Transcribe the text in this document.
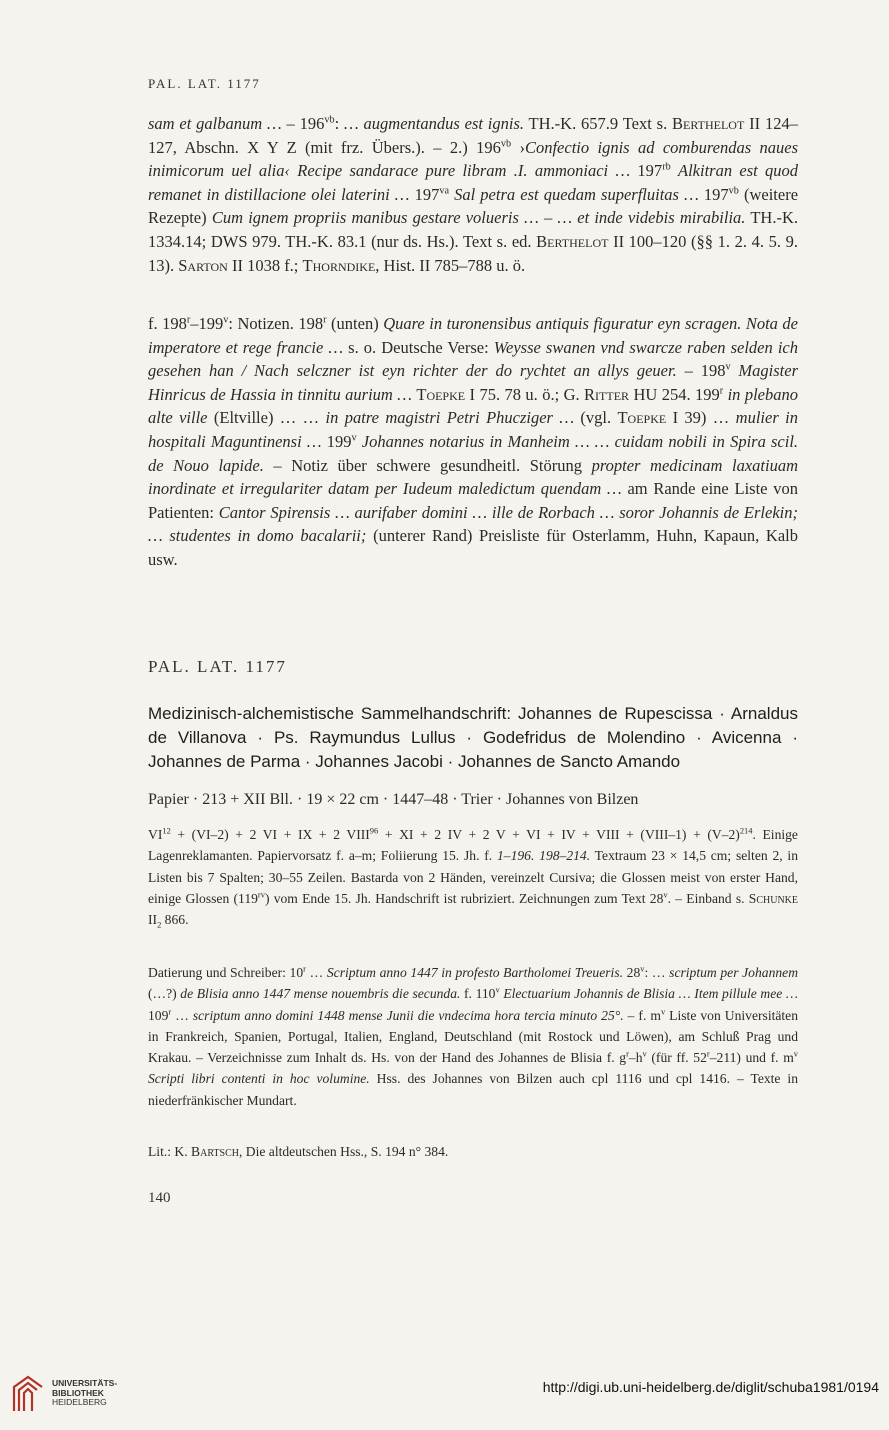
PAL. LAT. 1177
sam et galbanum … – $196^{vb}$: … augmentandus est ignis. TH.-K. 657.9 Text s. Berthelot II 124–127, Abschn. X Y Z (mit frz. Übers.). – 2.) $196^{vb}$ ›Confectio ignis ad comburendas naues inimicorum uel alia‹ Recipe sandarace pure libram .I. ammoniaci … $197^{rb}$ Alkitran est quod remanet in distillacione olei laterini … $197^{va}$ Sal petra est quedam superfluitas … $197^{vb}$ (weitere Rezepte) Cum ignem propriis manibus gestare volueris … – … et inde videbis mirabilia. TH.-K. 1334.14; DWS 979. TH.-K. 83.1 (nur ds. Hs.). Text s. ed. Berthelot II 100–120 (§§ 1. 2. 4. 5. 9. 13). Sarton II 1038 f.; Thorndike, Hist. II 785–788 u. ö.
f. 198$^r$–199$^v$: Notizen. 198$^r$ (unten) Quare in turonensibus antiquis figuratur eyn scragen. Nota de imperatore et rege francie … s. o. Deutsche Verse: Weysse swanen vnd swarcze raben selden ich gesehen han / Nach selczner ist eyn richter der do rychtet an allys geuer. – 198$^v$ Magister Hinricus de Hassia in tinnitu aurium … Toepke I 75. 78 u. ö.; G. Ritter HU 254. 199$^r$ in plebano alte ville (Eltville) … … in patre magistri Petri Phucziger … (vgl. Toepke I 39) … mulier in hospitali Maguntinensi … 199$^v$ Johannes notarius in Manheim … … cuidam nobili in Spira scil. de Nouo lapide. – Notiz über schwere gesundheitl. Störung propter medicinam laxatiuam inordinate et irregulariter datam per Iudeum maledictum quendam … am Rande eine Liste von Patienten: Cantor Spirensis … aurifaber domini … ille de Rorbach … soror Johannis de Erlekin; … studentes in domo bacalarii; (unterer Rand) Preisliste für Osterlamm, Huhn, Kapaun, Kalb usw.
PAL. LAT. 1177
Medizinisch-alchemistische Sammelhandschrift: Johannes de Rupescissa · Arnaldus de Villanova · Ps. Raymundus Lullus · Godefridus de Molendino · Avicenna · Johannes de Parma · Johannes Jacobi · Johannes de Sancto Amando
Papier · 213 + XII Bll. · 19 × 22 cm · 1447–48 · Trier · Johannes von Bilzen
$VI^{12} + (VI-2) + 2$ VI + IX + 2 $VIII^{96}$ + XI + 2 IV + 2 V + VI + IV + VIII + (VIII–1) + $(V-2)^{214}$. Einige Lagenreklamanten. Papiervorsatz f. a–m; Foliierung 15. Jh. f. 1–196. 198–214. Textraum 23 × 14,5 cm; selten 2, in Listen bis 7 Spalten; 30–55 Zeilen. Bastarda von 2 Händen, vereinzelt Cursiva; die Glossen meist von erster Hand, einige Glossen $(119^{rv})$ vom Ende 15. Jh. Handschrift ist rubriziert. Zeichnungen zum Text 28$^v$. – Einband s. Schunke $II_2$ 866.
Datierung und Schreiber: 10$^r$ … Scriptum anno 1447 in profesto Bartholomei Treueris. 28$^v$: … scriptum per Johannem (…?) de Blisia anno 1447 mense nouembris die secunda. f. 110$^v$ Electuarium Johannis de Blisia … Item pillule mee … 109$^r$ … scriptum anno domini 1448 mense Junii die vndecima hora tercia minuto 25°. – f. $m^v$ Liste von Universitäten in Frankreich, Spanien, Portugal, Italien, England, Deutschland (mit Rostock und Löwen), am Schluß Prag und Krakau. – Verzeichnisse zum Inhalt ds. Hs. von der Hand des Johannes de Blisia f. $g^r-h^v$ (für ff. 52$^r$–211) und f. $m^v$ Scripti libri contenti in hoc volumine. Hss. des Johannes von Bilzen auch cpl 1116 und cpl 1416. – Texte in niederfränkischer Mundart.
Lit.: K. Bartsch, Die altdeutschen Hss., S. 194 n° 384.
140
UNIVERSITÄTS-
BIBLIOTHEK
HEIDELBERG
http://digi.ub.uni-heidelberg.de/diglit/schuba1981/0194
